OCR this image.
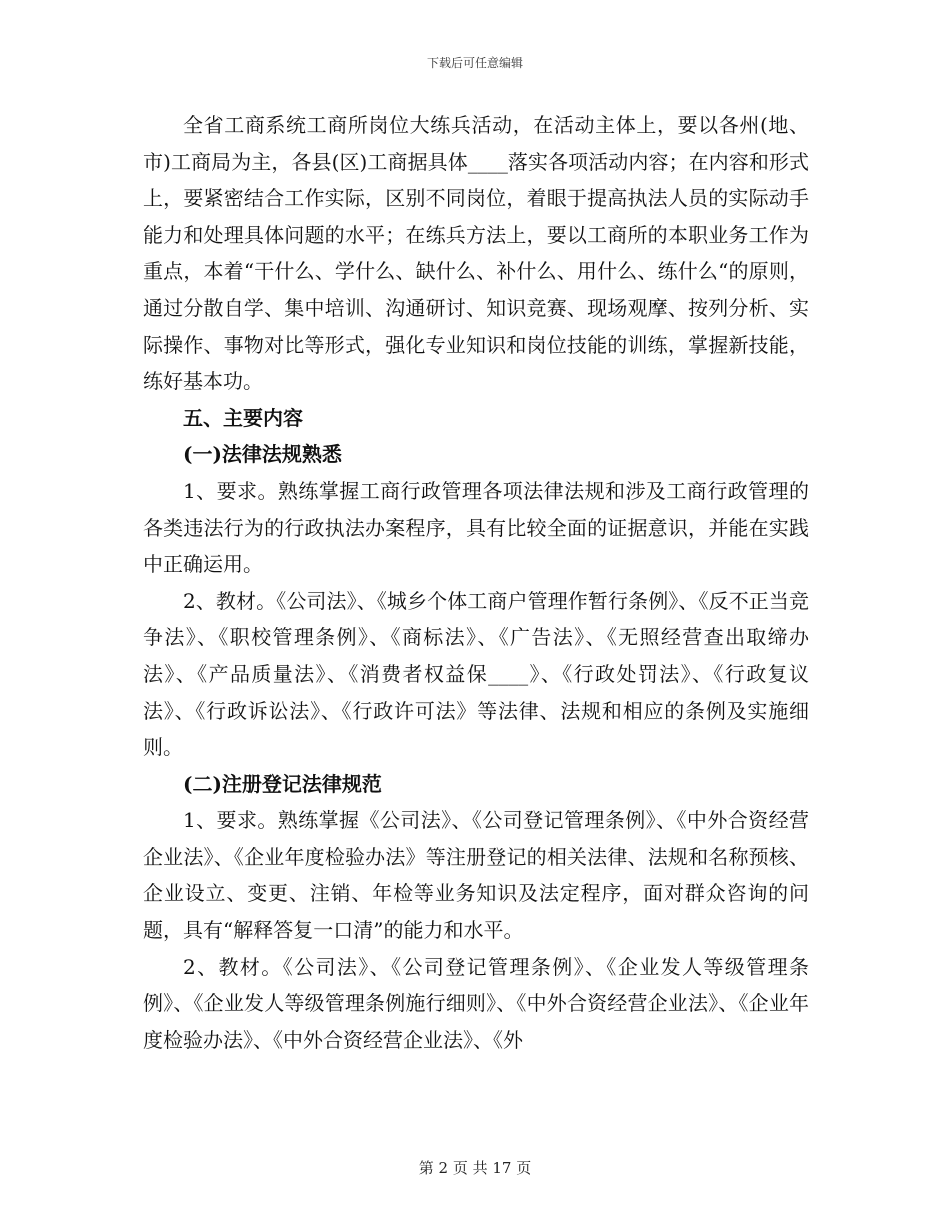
下载后可任意编辑

全省工商系统工商所岗位大练兵活动，在活动主体上，要以各州(地、市)工商局为主，各县(区)工商据具体____落实各项活动内容；在内容和形式上，要紧密结合工作实际，区别不同岗位，着眼于提高执法人员的实际动手能力和处理具体问题的水平；在练兵方法上，要以工商所的本职业务工作为重点，本着“干什么、学什么、缺什么、补什么、用什么、练什么“的原则，通过分散自学、集中培训、沟通研讨、知识竞赛、现场观摩、按列分析、实际操作、事物对比等形式，强化专业知识和岗位技能的训练，掌握新技能，练好基本功。

五、主要内容

(一)法律法规熟悉

1、要求。熟练掌握工商行政管理各项法律法规和涉及工商行政管理的各类违法行为的行政执法办案程序，具有比较全面的证据意识，并能在实践中正确运用。

2、教材。《公司法》、《城乡个体工商户管理作暂行条例》、《反不正当竞争法》、《职校管理条例》、《商标法》、《广告法》、《无照经营查出取缔办法》、《产品质量法》、《消费者权益保____》、《行政处罚法》、《行政复议法》、《行政诉讼法》、《行政许可法》等法律、法规和相应的条例及实施细则。

(二)注册登记法律规范

1、要求。熟练掌握《公司法》、《公司登记管理条例》、《中外合资经营企业法》、《企业年度检验办法》等注册登记的相关法律、法规和名称预核、企业设立、变更、注销、年检等业务知识及法定程序，面对群众咨询的问题，具有“解释答复一口清”的能力和水平。

2、教材。《公司法》、《公司登记管理条例》、《企业发人等级管理条例》、《企业发人等级管理条例施行细则》、《中外合资经营企业法》、《企业年度检验办法》、《中外合资经营企业法》、《外

第 2 页 共 17 页
